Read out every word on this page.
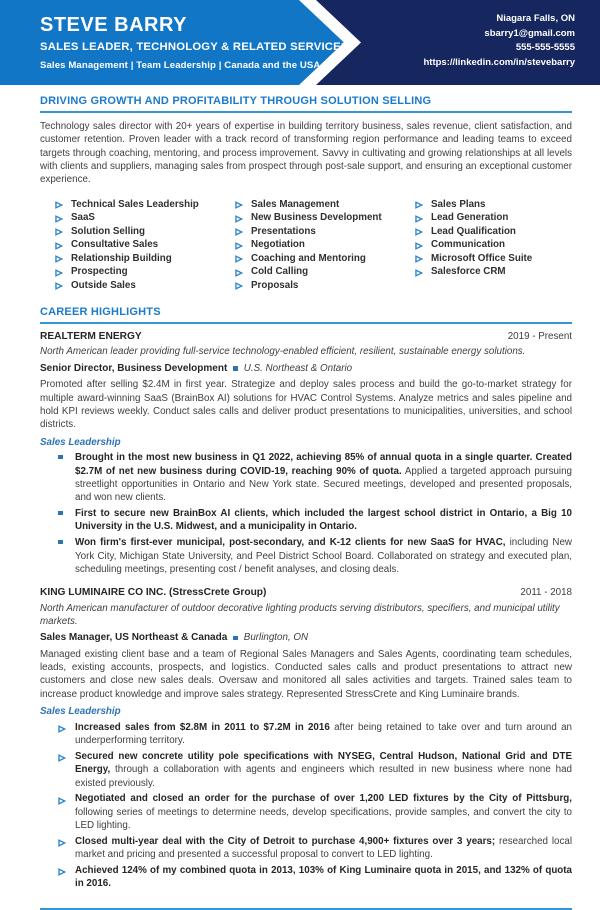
STEVE BARRY
SALES LEADER, TECHNOLOGY & RELATED SERVICES
Sales Management | Team Leadership | Canada and the USA
Niagara Falls, ON
sbarry1@gmail.com
555-555-5555
https://linkedin.com/in/stevebarry
DRIVING GROWTH AND PROFITABILITY THROUGH SOLUTION SELLING

Technology sales director with 20+ years of expertise in building territory business, sales revenue, client satisfaction, and customer retention. Proven leader with a track record of transforming region performance and leading teams to exceed targets through coaching, mentoring, and process improvement. Savvy in cultivating and growing relationships at all levels with clients and suppliers, managing sales from prospect through post-sale support, and ensuring an exceptional customer experience.

Technical Sales Leadership
SaaS
Solution Selling
Consultative Sales
Relationship Building
Prospecting
Outside Sales
Sales Management
New Business Development
Presentations
Negotiation
Coaching and Mentoring
Cold Calling
Proposals
Sales Plans
Lead Generation
Lead Qualification
Communication
Microsoft Office Suite
Salesforce CRM
CAREER HIGHLIGHTS
REALTERM ENERGY	2019 - Present
North American leader providing full-service technology-enabled efficient, resilient, sustainable energy solutions.
Senior Director, Business Development U.S. Northeast & Ontario

Promoted after selling $2.4M in first year. Strategize and deploy sales process and build the go-to-market strategy for multiple award-winning SaaS (BrainBox AI) solutions for HVAC Control Systems. Analyze metrics and sales pipeline and hold KPI reviews weekly. Conduct sales calls and deliver product presentations to municipalities, universities, and school districts.

Sales Leadership
Brought in the most new business in Q1 2022, achieving 85% of annual quota in a single quarter. Created $2.7M of net new business during COVID-19, reaching 90% of quota. Applied a targeted approach pursuing streetlight opportunities in Ontario and New York state. Secured meetings, developed and presented proposals, and won new clients.
First to secure new BrainBox AI clients, which included the largest school district in Ontario, a Big 10 University in the U.S. Midwest, and a municipality in Ontario.
Won firm's first-ever municipal, post-secondary, and K-12 clients for new SaaS for HVAC, including New York City, Michigan State University, and Peel District School Board. Collaborated on strategy and executed plan, scheduling meetings, presenting cost / benefit analyses, and closing deals.
KING LUMINAIRE CO INC. (StressCrete Group)	2011 - 2018
North American manufacturer of outdoor decorative lighting products serving distributors, specifiers, and municipal utility markets.
Sales Manager, US Northeast & Canada Burlington, ON

Managed existing client base and a team of Regional Sales Managers and Sales Agents, coordinating team schedules, leads, existing accounts, prospects, and logistics. Conducted sales calls and product presentations to attract new customers and close new sales deals. Oversaw and monitored all sales activities and targets. Trained sales team to increase product knowledge and improve sales strategy. Represented StressCrete and King Luminaire brands.

Sales Leadership
Increased sales from $2.8M in 2011 to $7.2M in 2016 after being retained to take over and turn around an underperforming territory.
Secured new concrete utility pole specifications with NYSEG, Central Hudson, National Grid and DTE Energy, through a collaboration with agents and engineers which resulted in new business where none had existed previously.
Negotiated and closed an order for the purchase of over 1,200 LED fixtures by the City of Pittsburg, following series of meetings to determine needs, develop specifications, provide samples, and convert the city to LED lighting.
Closed multi-year deal with the City of Detroit to purchase 4,900+ fixtures over 3 years; researched local market and pricing and presented a successful proposal to convert to LED lighting.
Achieved 124% of my combined quota in 2013, 103% of King Luminaire quota in 2015, and 132% of quota in 2016.
